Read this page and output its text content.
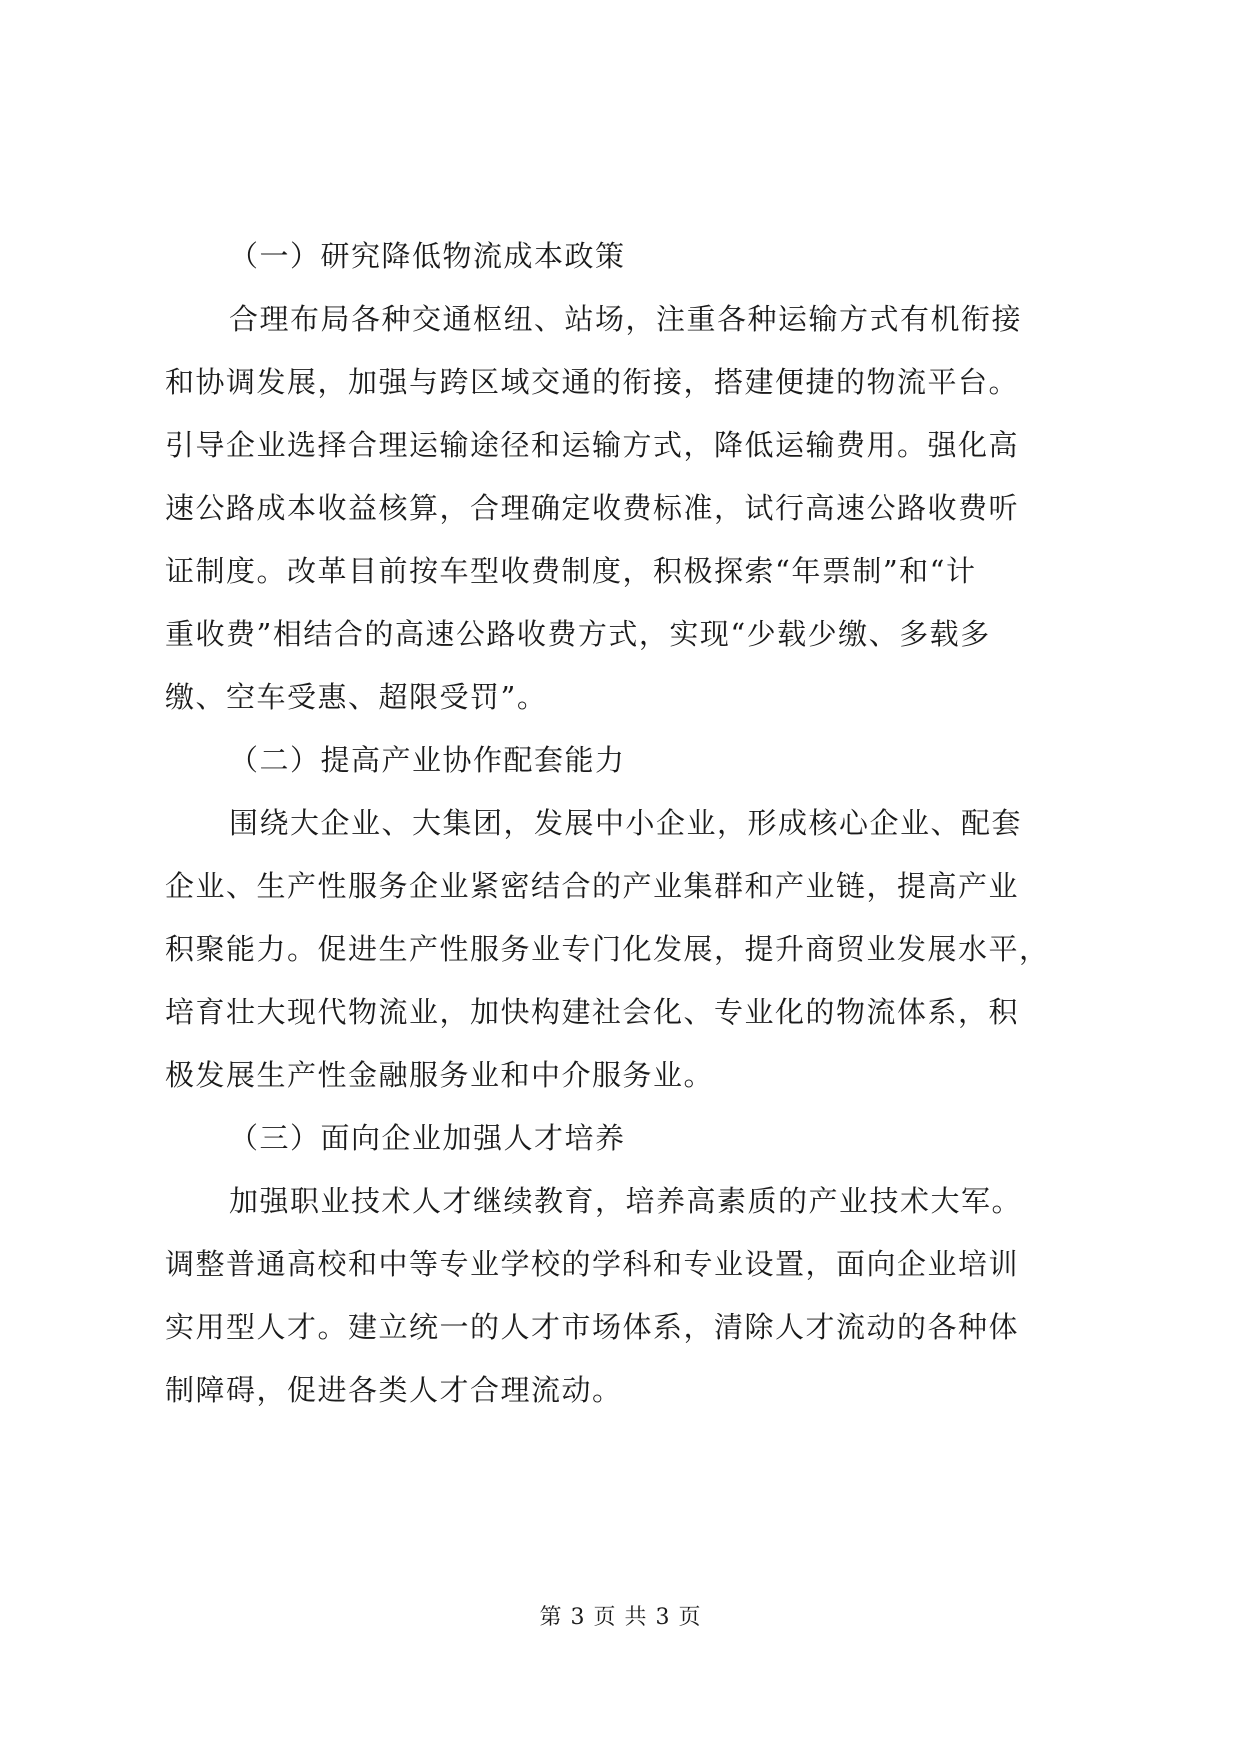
（一）研究降低物流成本政策

合理布局各种交通枢纽、站场，注重各种运输方式有机衔接

和协调发展，加强与跨区域交通的衔接，搭建便捷的物流平台。

引导企业选择合理运输途径和运输方式，降低运输费用。强化高

速公路成本收益核算，合理确定收费标准，试行高速公路收费听

证制度。改革目前按车型收费制度，积极探索“年票制”和“计

重收费”相结合的高速公路收费方式，实现“少载少缴、多载多

缴、空车受惠、超限受罚”。

（二）提高产业协作配套能力

围绕大企业、大集团，发展中小企业，形成核心企业、配套

企业、生产性服务企业紧密结合的产业集群和产业链，提高产业

积聚能力。促进生产性服务业专门化发展，提升商贸业发展水平，

培育壮大现代物流业，加快构建社会化、专业化的物流体系，积

极发展生产性金融服务业和中介服务业。

（三）面向企业加强人才培养

加强职业技术人才继续教育，培养高素质的产业技术大军。

调整普通高校和中等专业学校的学科和专业设置，面向企业培训

实用型人才。建立统一的人才市场体系，清除人才流动的各种体

制障碍，促进各类人才合理流动。

第 3 页 共 3 页
